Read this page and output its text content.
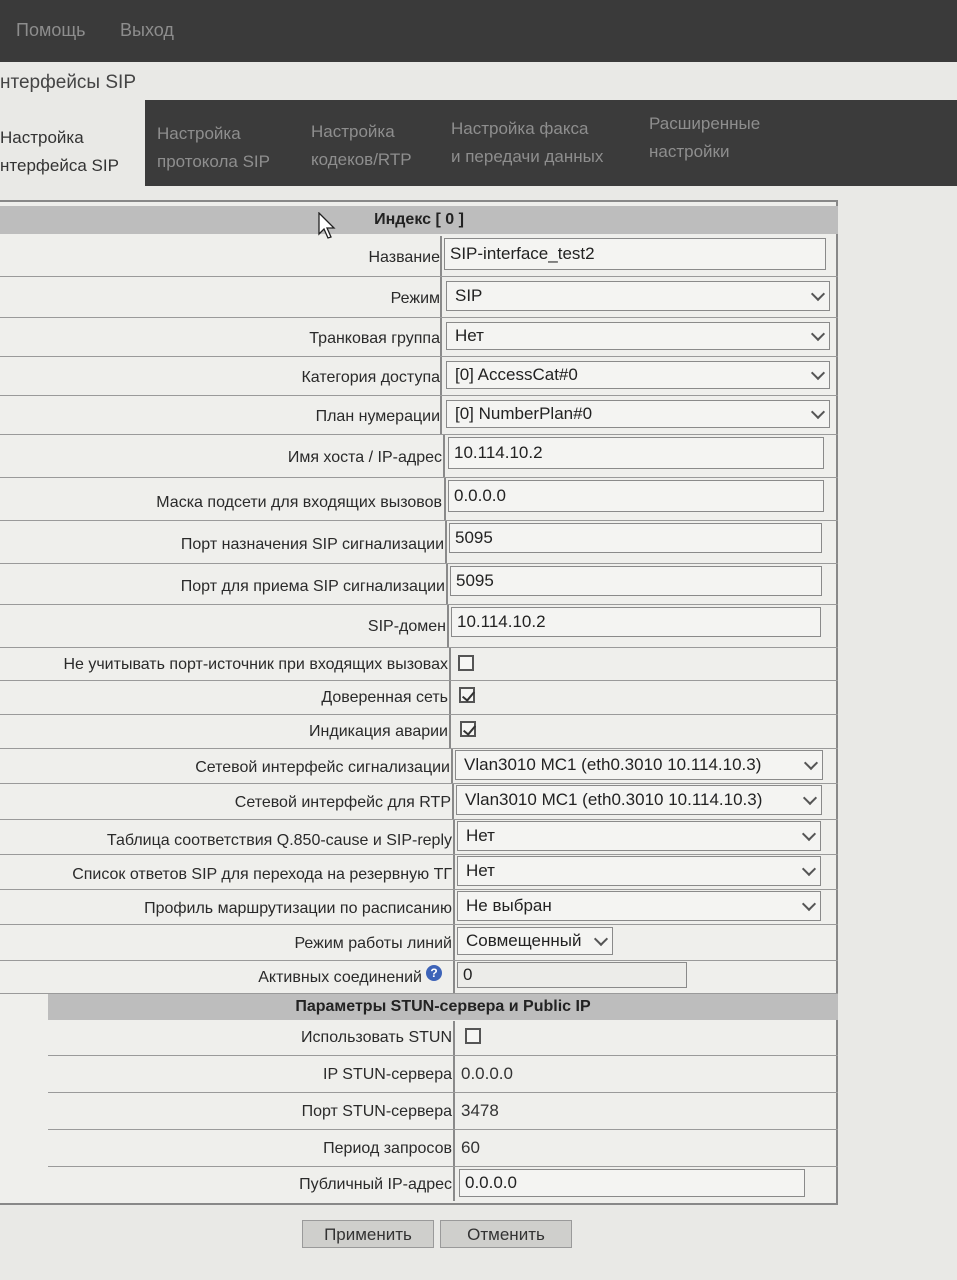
Помощь Выход
нтерфейсы SIP
Настройка
нтерфейса SIP
Настройка
протокола SIP
Настройка
кодеков/RTP
Настройка факса
и передачи данных
Расширенные
настройки
Индекс [ 0 ]
Название SIP-interface_test2
Режим SIP
Транковая группа Нет
Категория доступа [0] AccessCat#0
План нумерации [0] NumberPlan#0
Имя хоста / IP-адрес 10.114.10.2
Маска подсети для входящих вызовов 0.0.0.0
Порт назначения SIP сигнализации 5095
Порт для приема SIP сигнализации 5095
SIP-домен 10.114.10.2
Не учитывать порт-источник при входящих вызовах
Доверенная сеть
Индикация аварии
Сетевой интерфейс сигнализации Vlan3010 MC1 (eth0.3010 10.114.10.3)
Сетевой интерфейс для RTP Vlan3010 MC1 (eth0.3010 10.114.10.3)
Таблица соответствия Q.850-cause и SIP-reply Нет
Список ответов SIP для перехода на резервную ТГ Нет
Профиль маршрутизации по расписанию Не выбран
Режим работы линий Совмещенный
Активных соединений ?	0
Параметры STUN-сервера и Public IP
Использовать STUN
IP STUN-сервера 0.0.0.0
Порт STUN-сервера 3478
Период запросов 60
Публичный IP-адрес 0.0.0.0
Применить	Отменить
